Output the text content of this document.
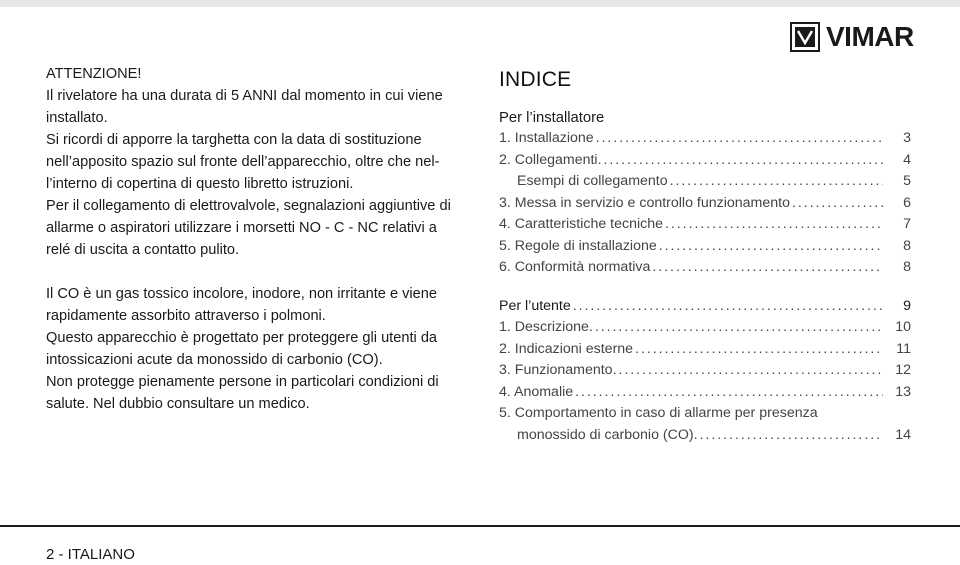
VIMAR

ATTENZIONE!

Il rivelatore ha una durata di 5 ANNI dal momento in cui viene

installato.

Si ricordi di apporre la targhetta con la data di sostituzione

nell’apposito spazio sul fronte dell’apparecchio, oltre che nel-

l’interno di copertina di questo libretto istruzioni.

Per il collegamento di elettrovalvole, segnalazioni aggiuntive di

allarme o aspiratori utilizzare i morsetti NO - C - NC relativi a

relé di uscita a contatto pulito.

Il CO è un gas tossico incolore, inodore, non irritante e viene

rapidamente assorbito attraverso i polmoni.

Questo apparecchio è progettato per proteggere gli utenti da

intossicazioni acute da monossido di carbonio (CO).

Non protegge pienamente persone in particolari condizioni di

salute. Nel dubbio consultare un medico.

INDICE
Per l’installatore
1. Installazione . . .	3
2. Collegamenti. . . .	4
Esempi di collegamento . . .	5
3. Messa in servizio e controllo funzionamento . . .	6
4. Caratteristiche tecniche . . .	7
5. Regole di installazione . . .	8
6. Conformità normativa . . .	8
Per l’utente . . .	9
1. Descrizione. . . .	10
2. Indicazioni esterne . . .	11
3. Funzionamento. . . .	12
4. Anomalie . . .	13
5. Comportamento in caso di allarme per presenza
monossido di carbonio (CO). . . .	14
2 - ITALIANO
